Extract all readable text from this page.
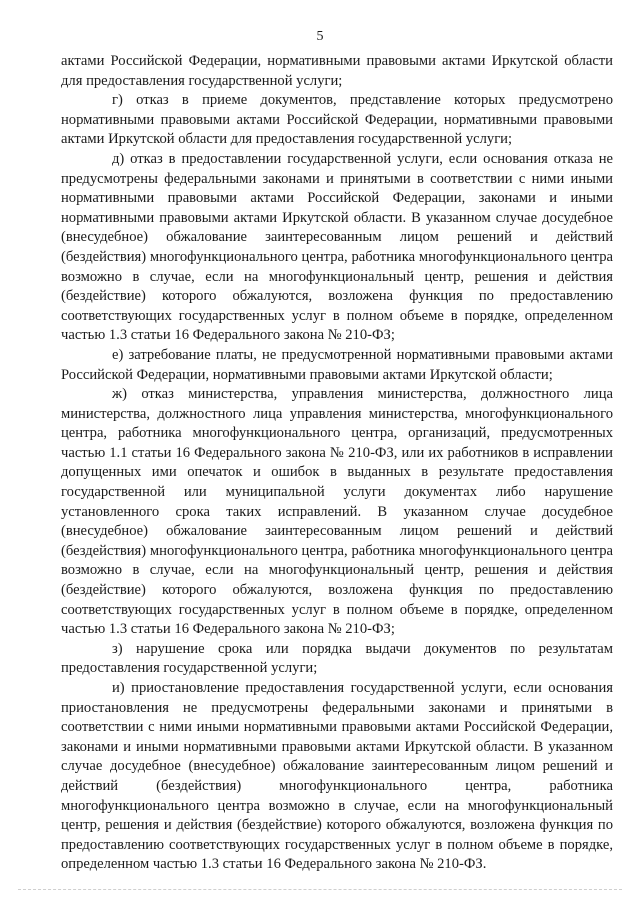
5

актами Российской Федерации, нормативными правовыми актами Иркутской области для предоставления государственной услуги;

г) отказ в приеме документов, представление которых предусмотрено нормативными правовыми актами Российской Федерации, нормативными правовыми актами Иркутской области для предоставления государственной услуги;

д) отказ в предоставлении государственной услуги, если основания отказа не предусмотрены федеральными законами и принятыми в соответствии с ними иными нормативными правовыми актами Российской Федерации, законами и иными нормативными правовыми актами Иркутской области. В указанном случае досудебное (внесудебное) обжалование заинтересованным лицом решений и действий (бездействия) многофункционального центра, работника многофункционального центра возможно в случае, если на многофункциональный центр, решения и действия (бездействие) которого обжалуются, возложена функция по предоставлению соответствующих государственных услуг в полном объеме в порядке, определенном частью 1.3 статьи 16 Федерального закона № 210-ФЗ;

е) затребование платы, не предусмотренной нормативными правовыми актами Российской Федерации, нормативными правовыми актами Иркутской области;

ж) отказ министерства, управления министерства, должностного лица министерства, должностного лица управления министерства, многофункционального центра, работника многофункционального центра, организаций, предусмотренных частью 1.1 статьи 16 Федерального закона № 210-ФЗ, или их работников в исправлении допущенных ими опечаток и ошибок в выданных в результате предоставления государственной или муниципальной услуги документах либо нарушение установленного срока таких исправлений. В указанном случае досудебное (внесудебное) обжалование заинтересованным лицом решений и действий (бездействия) многофункционального центра, работника многофункционального центра возможно в случае, если на многофункциональный центр, решения и действия (бездействие) которого обжалуются, возложена функция по предоставлению соответствующих государственных услуг в полном объеме в порядке, определенном частью 1.3 статьи 16 Федерального закона № 210-ФЗ;

з) нарушение срока или порядка выдачи документов по результатам предоставления государственной услуги;

и) приостановление предоставления государственной услуги, если основания приостановления не предусмотрены федеральными законами и принятыми в соответствии с ними иными нормативными правовыми актами Российской Федерации, законами и иными нормативными правовыми актами Иркутской области. В указанном случае досудебное (внесудебное) обжалование заинтересованным лицом решений и действий (бездействия) многофункционального центра, работника многофункционального центра возможно в случае, если на многофункциональный центр, решения и действия (бездействие) которого обжалуются, возложена функция по предоставлению соответствующих государственных услуг в полном объеме в порядке, определенном частью 1.3 статьи 16 Федерального закона № 210-ФЗ.
